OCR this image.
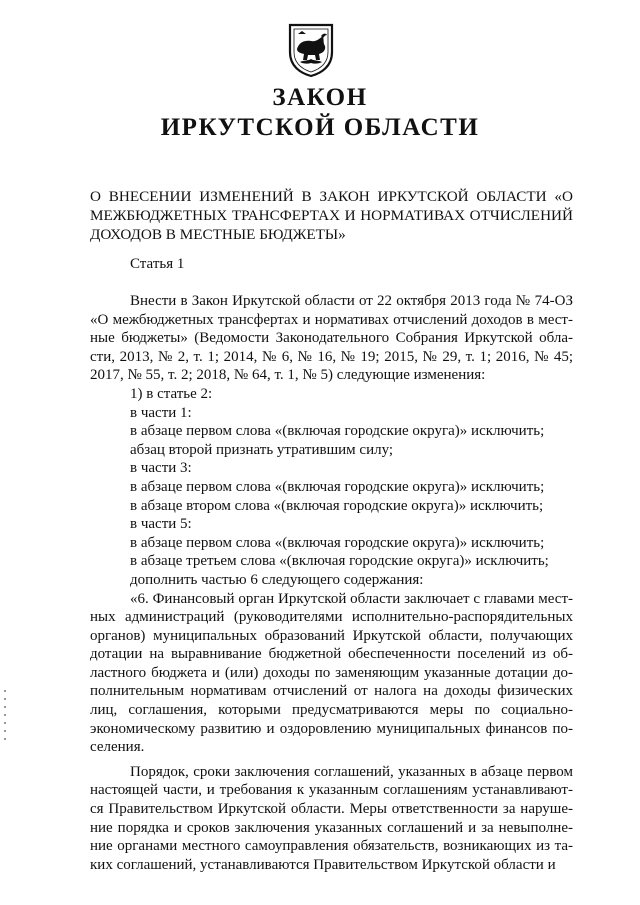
ЗАКОН
ИРКУТСКОЙ ОБЛАСТИ
О ВНЕСЕНИИ ИЗМЕНЕНИЙ В ЗАКОН ИРКУТСКОЙ ОБЛАСТИ «О МЕЖБЮДЖЕТНЫХ ТРАНСФЕРТАХ И НОРМАТИВАХ ОТЧИСЛЕНИЙ ДОХОДОВ В МЕСТНЫЕ БЮДЖЕТЫ»
Статья 1

Внести в Закон Иркутской области от 22 октября 2013 года № 74-ОЗ «О межбюджетных трансфертах и нормативах отчислений доходов в местные бюджеты» (Ведомости Законодательного Собрания Иркутской области, 2013, № 2, т. 1; 2014, № 6, № 16, № 19; 2015, № 29, т. 1; 2016, № 45; 2017, № 55, т. 2; 2018, № 64, т. 1, № 5) следующие изменения:

1) в статье 2:

в части 1:

в абзаце первом слова «(включая городские округа)» исключить;

абзац второй признать утратившим силу;

в части 3:

в абзаце первом слова «(включая городские округа)» исключить;

в абзаце втором слова «(включая городские округа)» исключить;

в части 5:

в абзаце первом слова «(включая городские округа)» исключить;

в абзаце третьем слова «(включая городские округа)» исключить;

дополнить частью 6 следующего содержания:

«6. Финансовый орган Иркутской области заключает с главами местных администраций (руководителями исполнительно-распорядительных органов) муниципальных образований Иркутской области, получающих дотации на выравнивание бюджетной обеспеченности поселений из областного бюджета и (или) доходы по заменяющим указанные дотации дополнительным нормативам отчислений от налога на доходы физических лиц, соглашения, которыми предусматриваются меры по социально-экономическому развитию и оздоровлению муниципальных финансов поселения.

Порядок, сроки заключения соглашений, указанных в абзаце первом настоящей части, и требования к указанным соглашениям устанавливаются Правительством Иркутской области. Меры ответственности за нарушение порядка и сроков заключения указанных соглашений и за невыполнение органами местного самоуправления обязательств, возникающих из таких соглашений, устанавливаются Правительством Иркутской области и
